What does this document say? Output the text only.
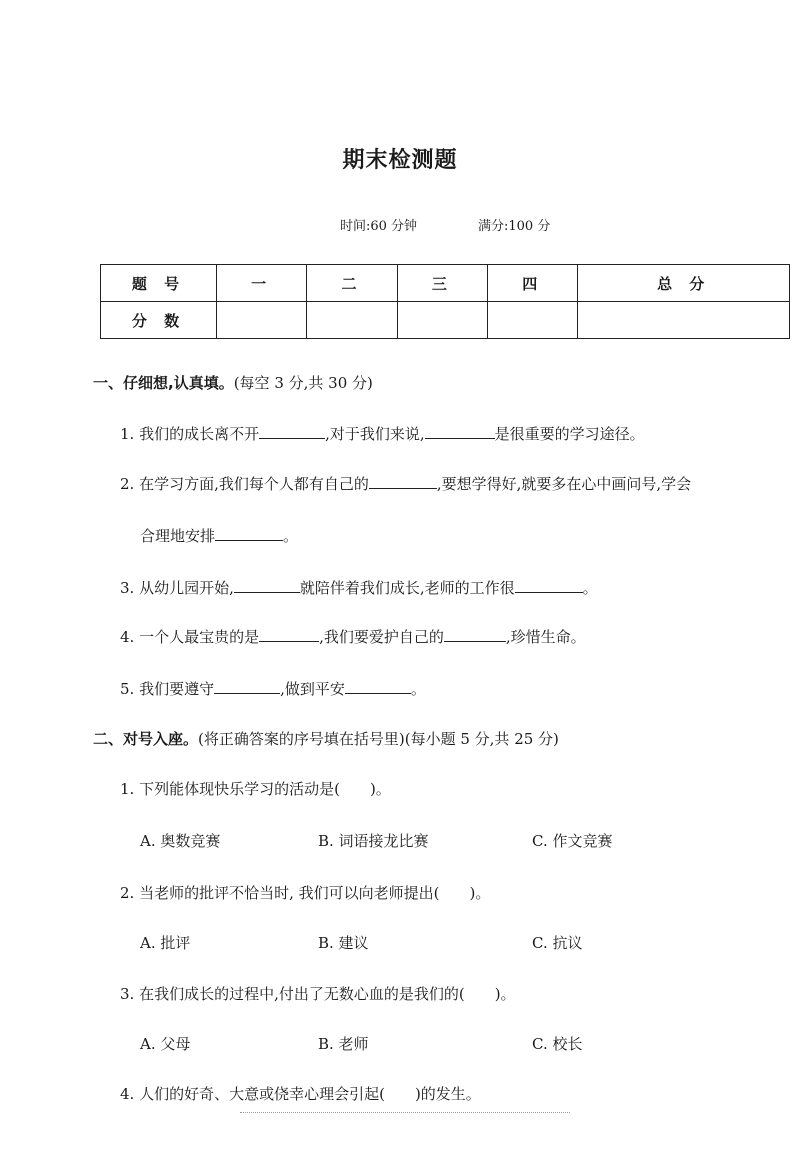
期末检测题
时间:60 分钟	满分:100 分
题 号	一	二	三	四	总 分
分 数					
一、仔细想,认真填。(每空 3 分,共 30 分)
1. 我们的成长离不开	,对于我们来说,	是很重要的学习途径。
2. 在学习方面,我们每个人都有自己的	,要想学得好,就要多在心中画问号,学会
合理地安排	。
3. 从幼儿园开始,	就陪伴着我们成长,老师的工作很	。
4. 一个人最宝贵的是	,我们要爱护自己的	,珍惜生命。
5. 我们要遵守	,做到平安	。
二、对号入座。(将正确答案的序号填在括号里)(每小题 5 分,共 25 分)
1. 下列能体现快乐学习的活动是( )。
A. 奥数竞赛	B. 词语接龙比赛	C. 作文竞赛
2. 当老师的批评不恰当时, 我们可以向老师提出( )。
A. 批评	B. 建议	C. 抗议
3. 在我们成长的过程中,付出了无数心血的是我们的( )。
A. 父母	B. 老师	C. 校长
4. 人们的好奇、大意或侥幸心理会引起( )的发生。
